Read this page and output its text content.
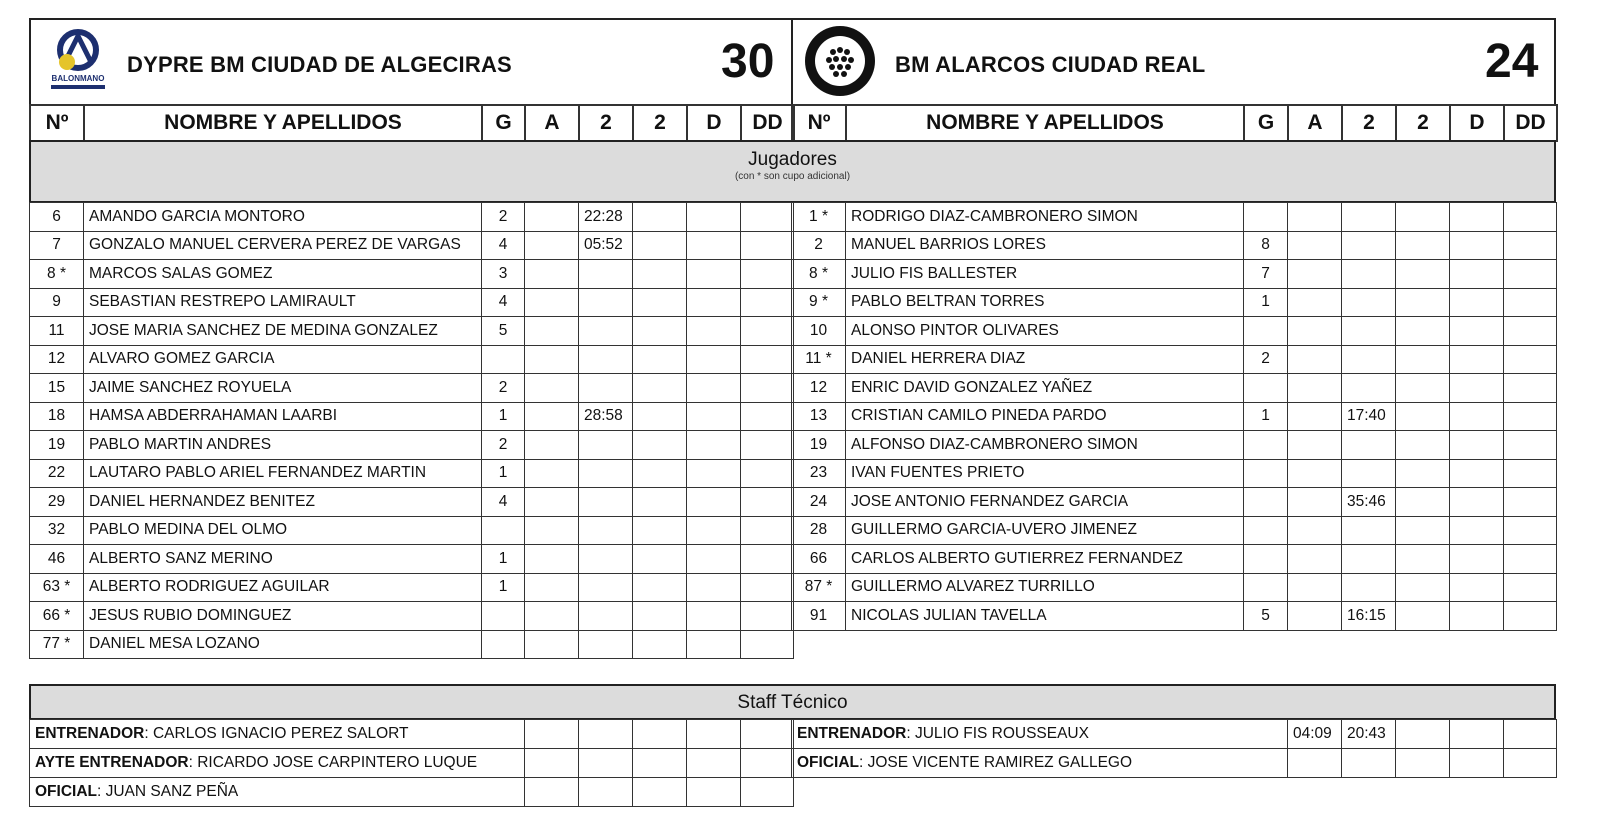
BALONMANO
DYPRE BM CIUDAD DE ALGECIRAS	30	BM ALARCOS CIUDAD REAL	24
Nº	NOMBRE Y APELLIDOS	G	A	2	2	D	DD Nº	NOMBRE Y APELLIDOS	G	A	2	2	D	DD
Jugadores
(con * son cupo adicional)
6	AMANDO GARCIA MONTORO	2		22:28			
7	GONZALO MANUEL CERVERA PEREZ DE VARGAS	4		05:52			
8 *	MARCOS SALAS GOMEZ	3					
9	SEBASTIAN RESTREPO LAMIRAULT	4					
11	JOSE MARIA SANCHEZ DE MEDINA GONZALEZ	5					
12	ALVARO GOMEZ GARCIA						
15	JAIME SANCHEZ ROYUELA	2					
18	HAMSA ABDERRAHAMAN LAARBI	1		28:58			
19	PABLO MARTIN ANDRES	2					
22	LAUTARO PABLO ARIEL FERNANDEZ MARTIN	1					
29	DANIEL HERNANDEZ BENITEZ	4					
32	PABLO MEDINA DEL OLMO						
46	ALBERTO SANZ MERINO	1					
63 *	ALBERTO RODRIGUEZ AGUILAR	1					
66 *	JESUS RUBIO DOMINGUEZ						
77 *	DANIEL MESA LOZANO						
1 *	RODRIGO DIAZ-CAMBRONERO SIMON						
2	MANUEL BARRIOS LORES	8					
8 *	JULIO FIS BALLESTER	7					
9 *	PABLO BELTRAN TORRES	1					
10	ALONSO PINTOR OLIVARES						
11 *	DANIEL HERRERA DIAZ	2					
12	ENRIC DAVID GONZALEZ YAÑEZ						
13	CRISTIAN CAMILO PINEDA PARDO	1		17:40			
19	ALFONSO DIAZ-CAMBRONERO SIMON						
23	IVAN FUENTES PRIETO						
24	JOSE ANTONIO FERNANDEZ GARCIA			35:46			
28	GUILLERMO GARCIA-UVERO JIMENEZ						
66	CARLOS ALBERTO GUTIERREZ FERNANDEZ						
87 *	GUILLERMO ALVAREZ TURRILLO						
91	NICOLAS JULIAN TAVELLA	5		16:15			
Staff Técnico
ENTRENADOR: CARLOS IGNACIO PEREZ SALORT					
AYTE ENTRENADOR: RICARDO JOSE CARPINTERO LUQUE					
OFICIAL: JUAN SANZ PEÑA					
ENTRENADOR: JULIO FIS ROUSSEAUX	04:09	20:43			
OFICIAL: JOSE VICENTE RAMIREZ GALLEGO					
